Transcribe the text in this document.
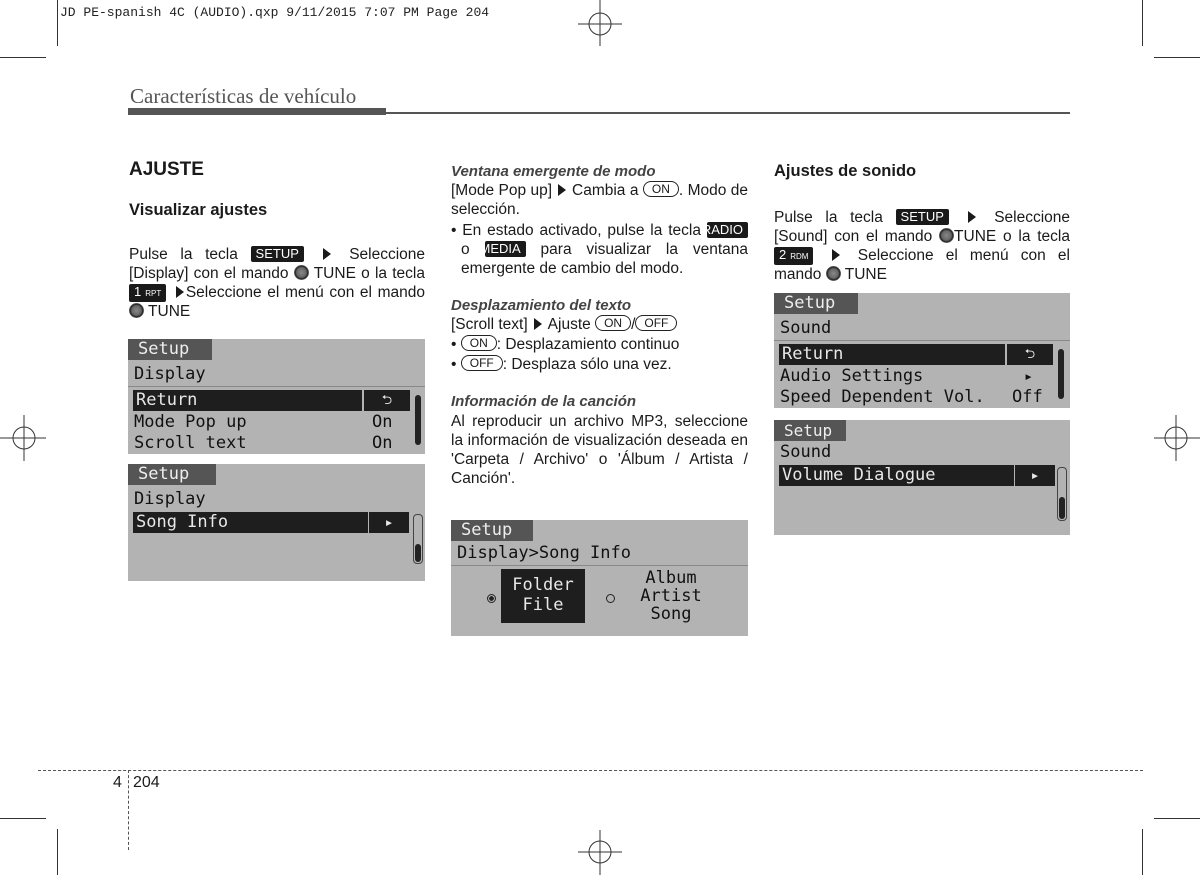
JD PE-spanish 4C (AUDIO).qxp 9/11/2015 7:07 PM Page 204
Características de vehículo
AJUSTE
Visualizar ajustes
Pulse la tecla SETUP	Seleccione [Display] con el mando TUNE o la tecla 1 RPT Seleccione el menú con el mando  TUNE
Setup
Display
Return	⮌
Mode Pop up	On
Scroll text	On
Setup
Display
Song Info	▸
Ventana emergente de modo
[Mode Pop up] Cambia a ON . Modo de selección.
• En estado activado, pulse la tecla RADIO o MEDIA para visualizar la ventana emergente de cambio del modo.
Desplazamiento del texto
[Scroll text] Ajuste ON / OFF
• ON : Desplazamiento continuo
• OFF : Desplaza sólo una vez.
Información de la canción
Al reproducir un archivo MP3, seleccione la información de visualización deseada en 'Carpeta / Archivo' o 'Álbum / Artista / Canción'.
Setup
Display>Song Info
Folder
File
Album
Artist
Song
Ajustes de sonido
Pulse la tecla SETUP	Seleccione [Sound] con el mando TUNE o la tecla 2 RDM	Seleccione el menú con el mando TUNE
Setup
Sound
Return	⮌
Audio Settings	▸
Speed Dependent Vol. Off
Setup
Sound
Volume Dialogue	▸
4 204
